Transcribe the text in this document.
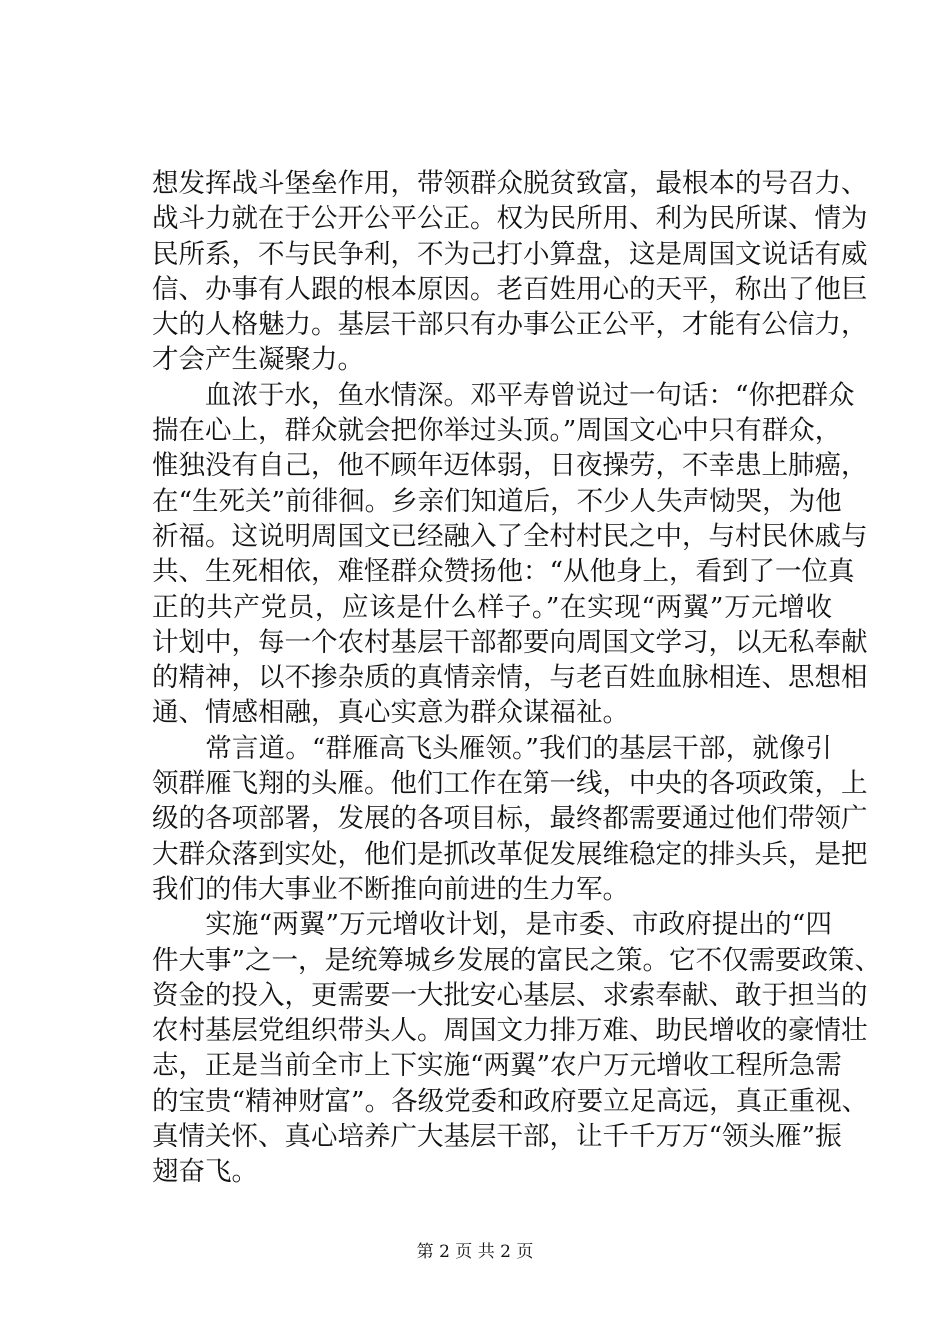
想发挥战斗堡垒作用，带领群众脱贫致富，最根本的号召力、
战斗力就在于公开公平公正。权为民所用、利为民所谋、情为
民所系，不与民争利，不为己打小算盘，这是周国文说话有威
信、办事有人跟的根本原因。老百姓用心的天平，称出了他巨
大的人格魅力。基层干部只有办事公正公平，才能有公信力，
才会产生凝聚力。
　　血浓于水，鱼水情深。邓平寿曾说过一句话：“你把群众
揣在心上，群众就会把你举过头顶。”周国文心中只有群众，
惟独没有自己，他不顾年迈体弱，日夜操劳，不幸患上肺癌，
在“生死关”前徘徊。乡亲们知道后，不少人失声恸哭，为他
祈福。这说明周国文已经融入了全村村民之中，与村民休戚与
共、生死相依，难怪群众赞扬他：“从他身上，看到了一位真
正的共产党员，应该是什么样子。”在实现“两翼”万元增收
计划中，每一个农村基层干部都要向周国文学习，以无私奉献
的精神，以不掺杂质的真情亲情，与老百姓血脉相连、思想相
通、情感相融，真心实意为群众谋福祉。
　　常言道。“群雁高飞头雁领。”我们的基层干部，就像引
领群雁飞翔的头雁。他们工作在第一线，中央的各项政策，上
级的各项部署，发展的各项目标，最终都需要通过他们带领广
大群众落到实处，他们是抓改革促发展维稳定的排头兵，是把
我们的伟大事业不断推向前进的生力军。
　　实施“两翼”万元增收计划，是市委、市政府提出的“四
件大事”之一，是统筹城乡发展的富民之策。它不仅需要政策、
资金的投入，更需要一大批安心基层、求索奉献、敢于担当的
农村基层党组织带头人。周国文力排万难、助民增收的豪情壮
志，正是当前全市上下实施“两翼”农户万元增收工程所急需
的宝贵“精神财富”。各级党委和政府要立足高远，真正重视、
真情关怀、真心培养广大基层干部，让千千万万“领头雁”振
翅奋飞。
第 2 页 共 2 页
